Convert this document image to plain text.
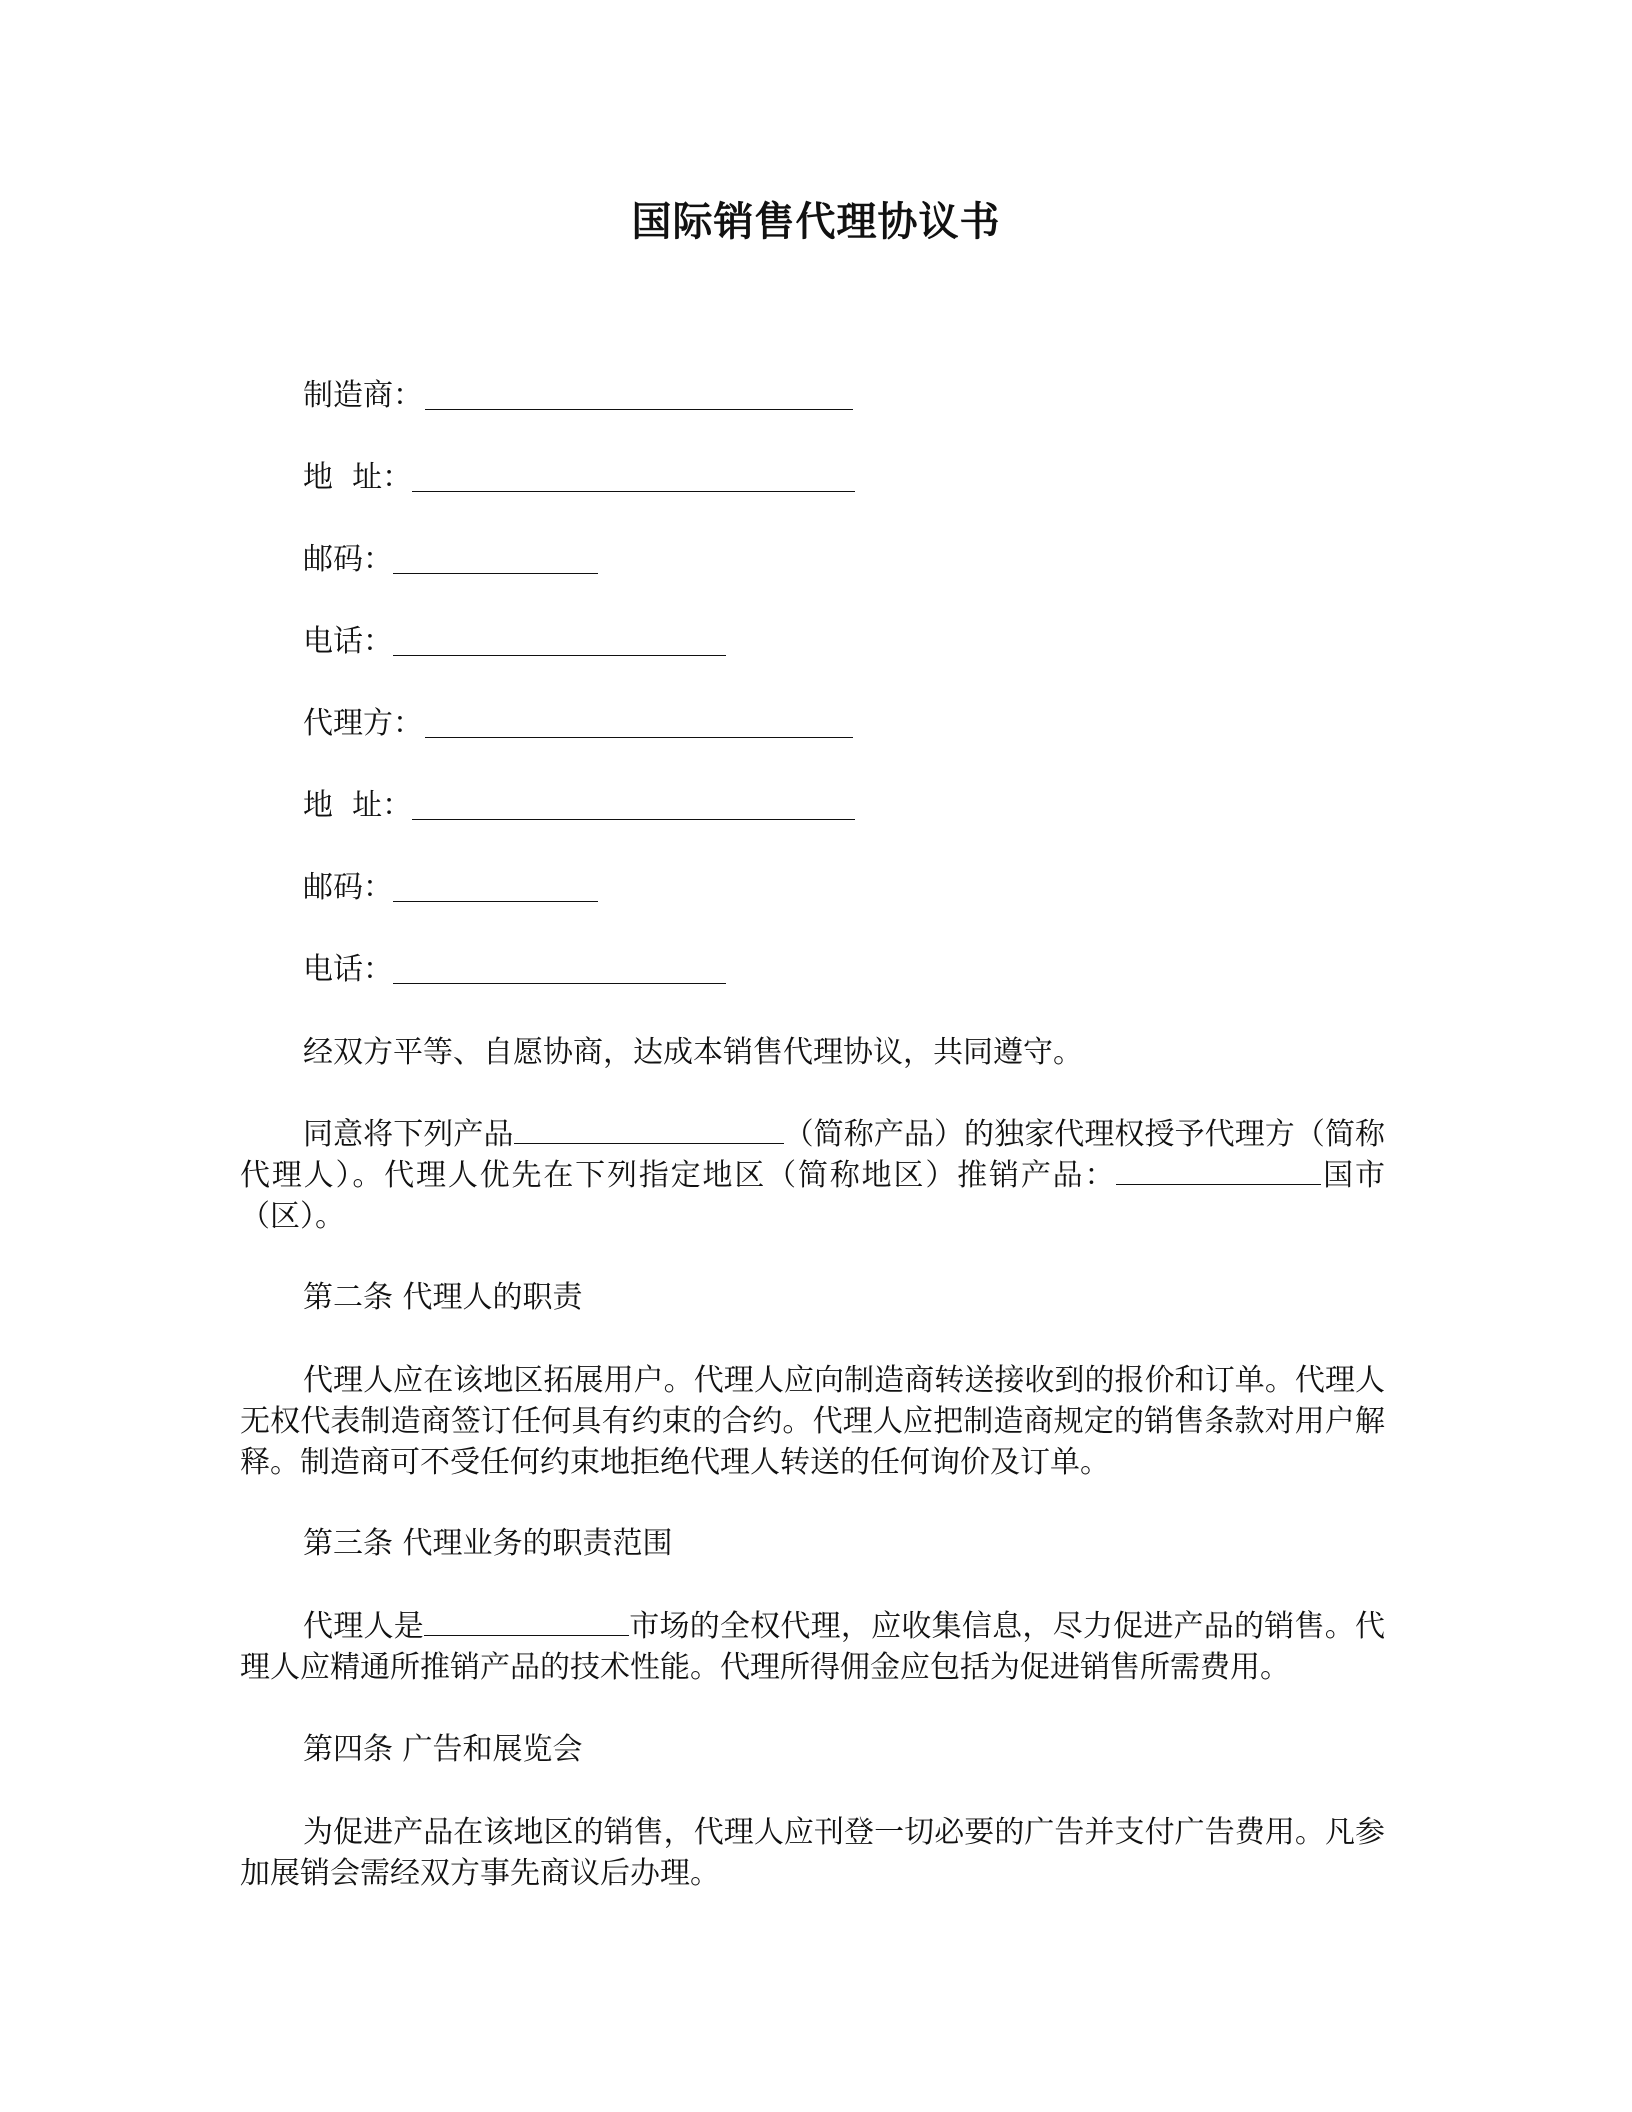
国际销售代理协议书
制造商：
地  址：
邮码：
电话：
代理方：
地  址：
邮码：
电话：
经双方平等、自愿协商，达成本销售代理协议，共同遵守。
同意将下列产品	（简称产品）的独家代理权授予代理方（简称代理人）。代理人优先在下列指定地区（简称地区）推销产品：	国市（区）。
第二条 代理人的职责
代理人应在该地区拓展用户。代理人应向制造商转送接收到的报价和订单。代理人无权代表制造商签订任何具有约束的合约。代理人应把制造商规定的销售条款对用户解释。制造商可不受任何约束地拒绝代理人转送的任何询价及订单。
第三条 代理业务的职责范围
代理人是	市场的全权代理，应收集信息，尽力促进产品的销售。代理人应精通所推销产品的技术性能。代理所得佣金应包括为促进销售所需费用。
第四条 广告和展览会
为促进产品在该地区的销售，代理人应刊登一切必要的广告并支付广告费用。凡参加展销会需经双方事先商议后办理。
